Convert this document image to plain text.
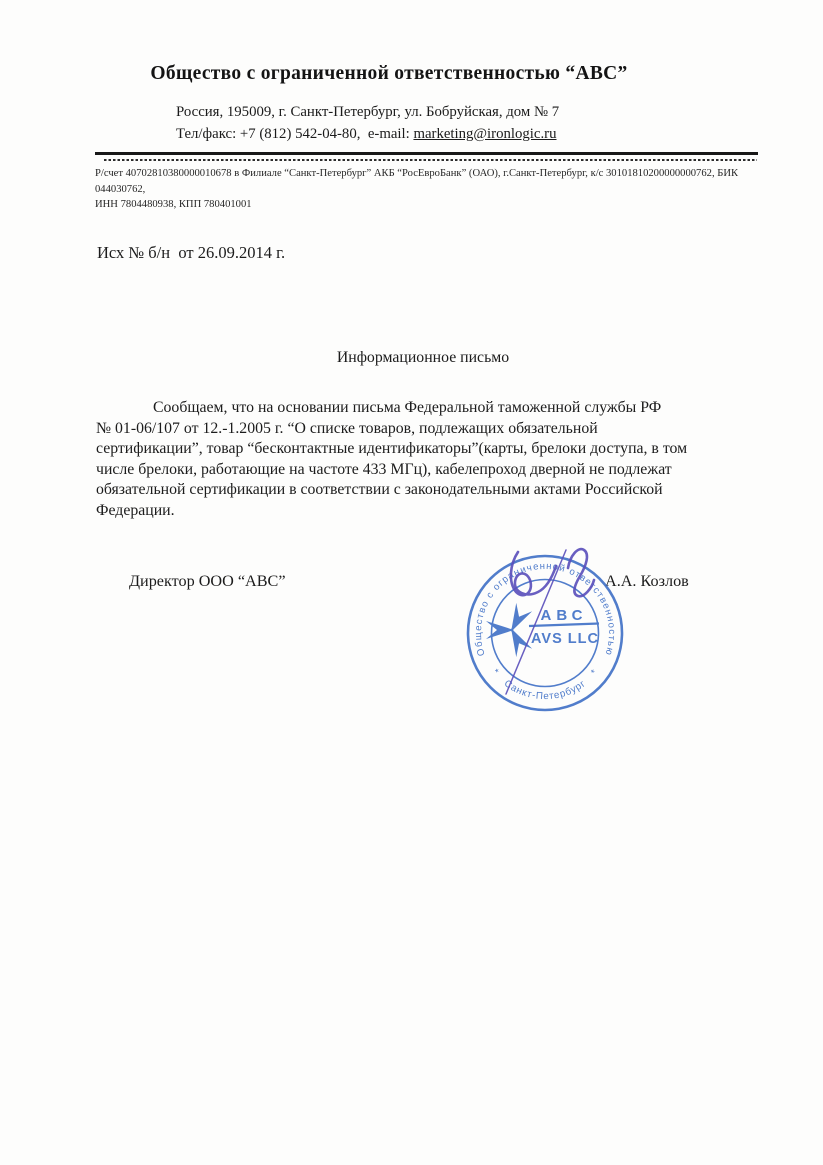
Общество с ограниченной ответственностью “АВС”
Россия, 195009, г. Санкт-Петербург, ул. Бобруйская, дом № 7
Тел/факс: +7 (812) 542-04-80,  e-mail: marketing@ironlogic.ru
Р/счет 40702810380000010678 в Филиале “Санкт-Петербург” АКБ “РосЕвроБанк” (ОАО), г.Санкт-Петербург, к/с 30101810200000000762, БИК 044030762,
ИНН 7804480938, КПП 780401001
Исх № б/н  от 26.09.2014 г.
Информационное письмо
Сообщаем, что на основании письма Федеральной таможенной службы РФ
№ 01-06/107 от 12.-1.2005 г. “О списке товаров, подлежащих обязательной
сертификации”, товар “бесконтактные идентификаторы”(карты, брелоки доступа, в том
числе брелоки, работающие на частоте 433 МГц), кабелепроход дверной не подлежат
обязательной сертификации в соответствии с законодательными актами Российской
Федерации.
Директор ООО “АВС”	А.А. Козлов
Общество с ограниченной ответственностью
* Санкт-Петербург *
АВС
AVS LLC
